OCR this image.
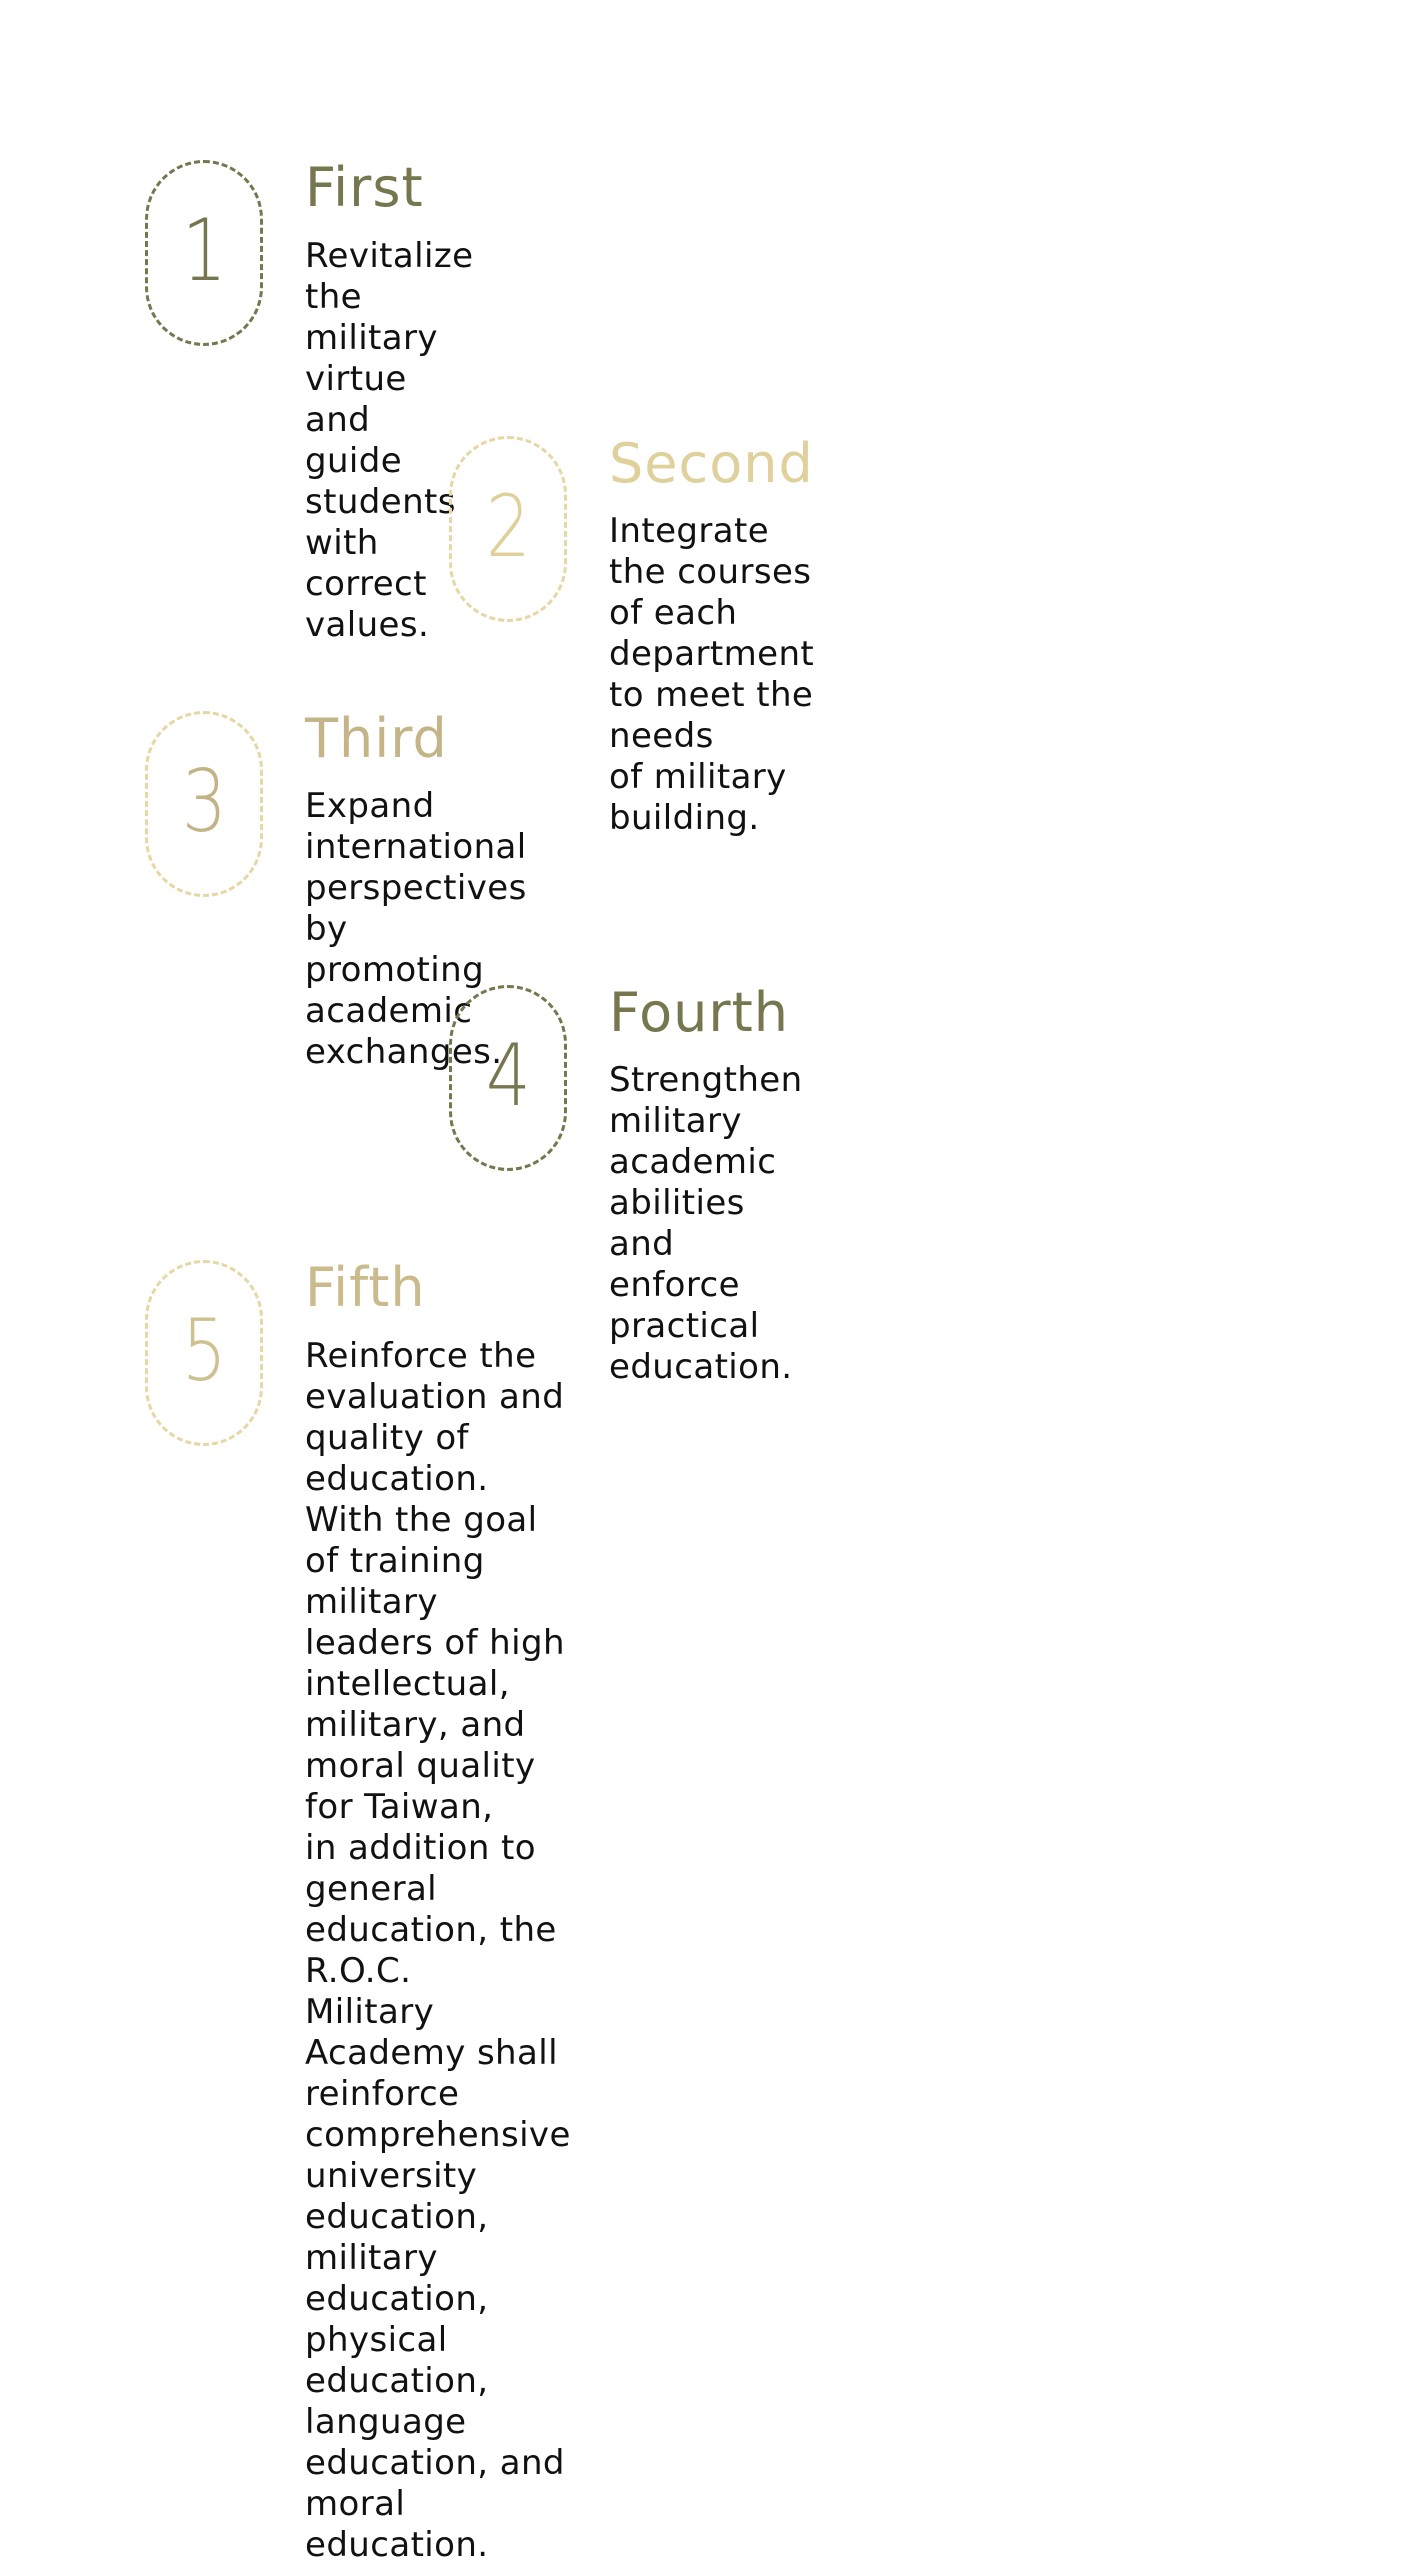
1
First
Revitalize the military virtue and
guide students with correct values.
2
Second
Integrate the courses of each
department to meet the needs
of military building.
3
Third
Expand international perspectives
by promoting academic exchanges.
4
Fourth
Strengthen military academic
abilities and enforce practical
education.
5
Fifth
Reinforce the evaluation and quality of education.
With the goal of training military leaders of high
intellectual, military, and moral quality for Taiwan,
in addition to general education, the R.O.C.
Military Academy shall reinforce comprehensive
university education, military education, physical
education, language education, and moral
education.
